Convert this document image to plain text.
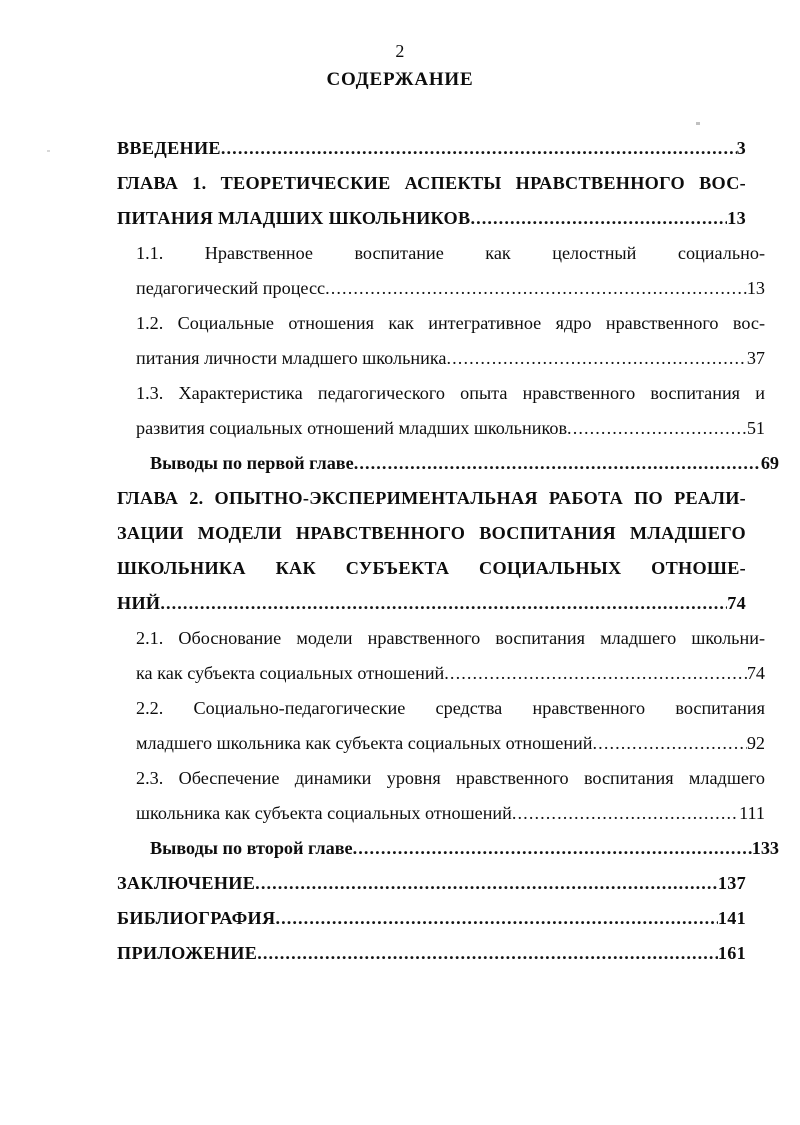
2
СОДЕРЖАНИЕ
ВВЕДЕНИЕ .....	3
ГЛАВА 1. ТЕОРЕТИЧЕСКИЕ АСПЕКТЫ НРАВСТВЕННОГО ВОС-
ПИТАНИЯ МЛАДШИХ ШКОЛЬНИКОВ .....	13
1.1. Нравственное воспитание как целостный социально-
педагогический процесс .....	13
1.2. Социальные отношения как интегративное ядро нравственного вос-
питания личности младшего школьника .....	37
1.3. Характеристика педагогического опыта нравственного воспитания и
развития социальных отношений младших школьников .....	51
Выводы по первой главе .....	69
ГЛАВА 2. ОПЫТНО-ЭКСПЕРИМЕНТАЛЬНАЯ РАБОТА ПО РЕАЛИ-
ЗАЦИИ МОДЕЛИ НРАВСТВЕННОГО ВОСПИТАНИЯ МЛАДШЕГО
ШКОЛЬНИКА КАК СУБЪЕКТА СОЦИАЛЬНЫХ ОТНОШЕ-
НИЙ .....	74
2.1. Обоснование модели нравственного воспитания младшего школьни-
ка как субъекта социальных отношений .....	74
2.2. Социально-педагогические средства нравственного воспитания
младшего школьника как субъекта социальных отношений .....	92
2.3. Обеспечение динамики уровня нравственного воспитания младшего
школьника как субъекта социальных отношений .....	111
Выводы по второй главе .....	133
ЗАКЛЮЧЕНИЕ .....	137
БИБЛИОГРАФИЯ .....	141
ПРИЛОЖЕНИЕ .....	161
